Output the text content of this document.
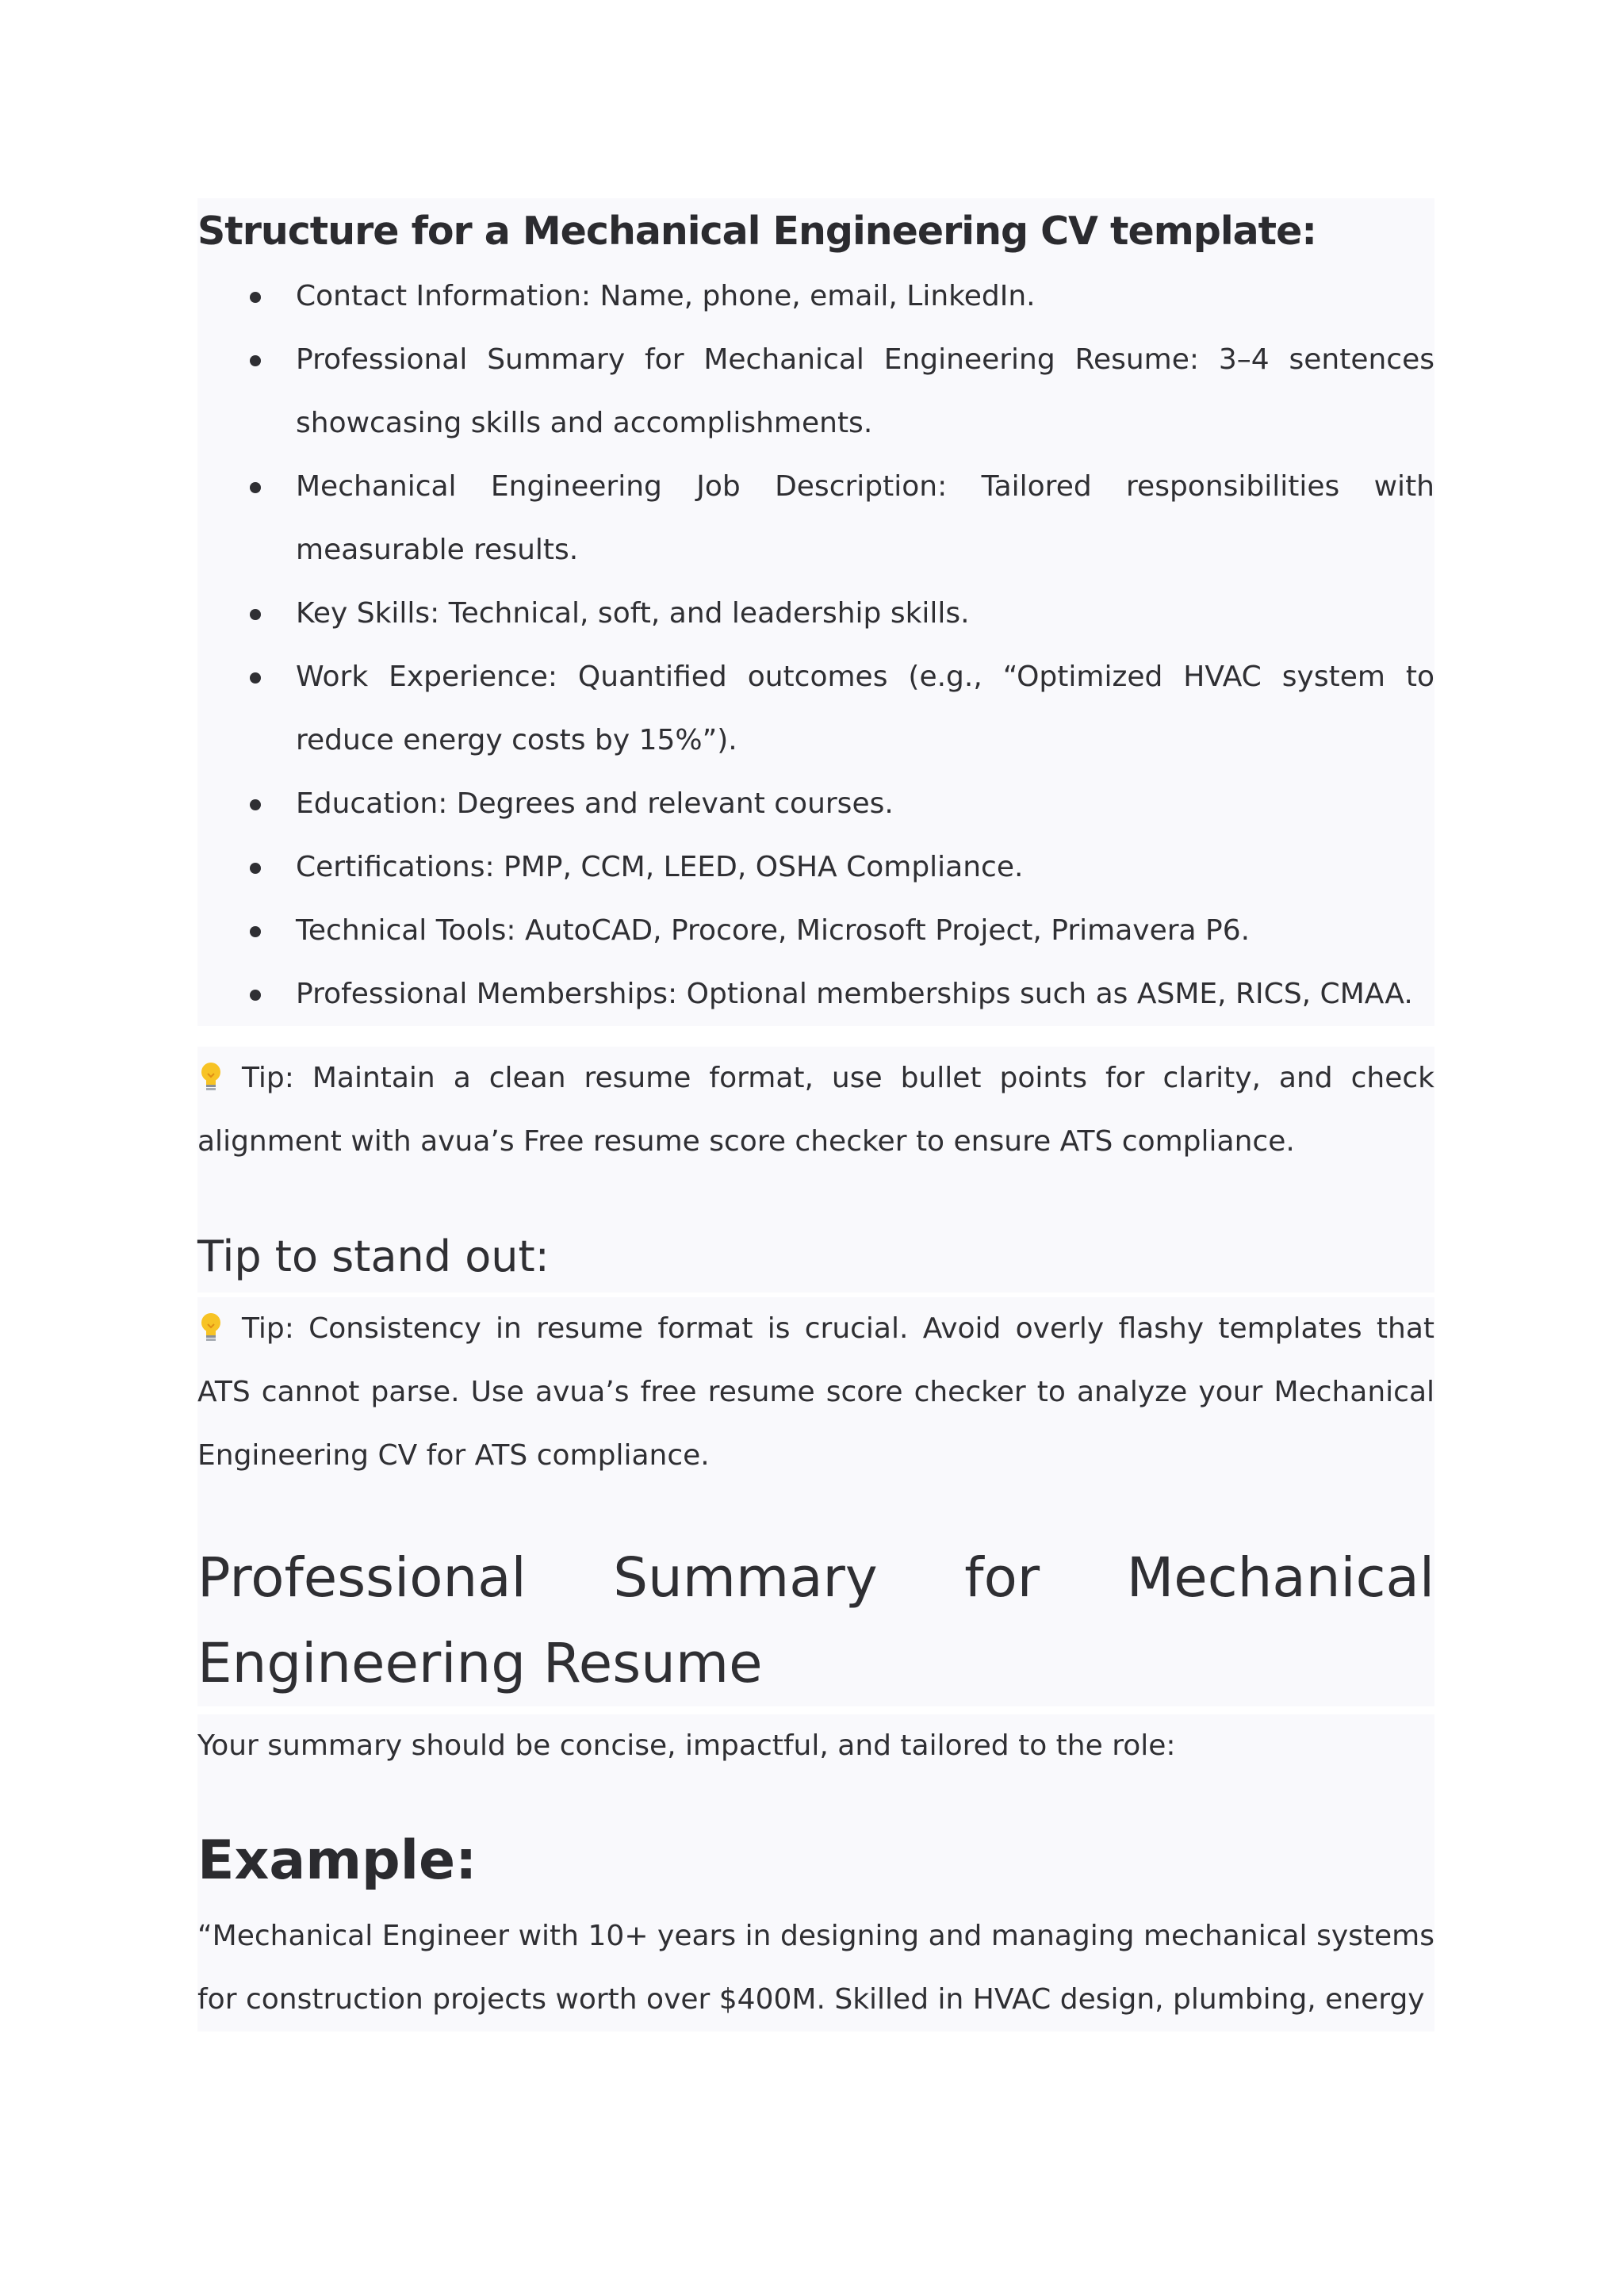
Structure for a Mechanical Engineering CV template:
Contact Information: Name, phone, email, LinkedIn.
Professional Summary for Mechanical Engineering Resume: 3–4 sentences showcasing skills and accomplishments.
Mechanical Engineering Job Description: Tailored responsibilities with measurable results.
Key Skills: Technical, soft, and leadership skills.
Work Experience: Quantified outcomes (e.g., “Optimized HVAC system to reduce energy costs by 15%”).
Education: Degrees and relevant courses.
Certifications: PMP, CCM, LEED, OSHA Compliance.
Technical Tools: AutoCAD, Procore, Microsoft Project, Primavera P6.
Professional Memberships: Optional memberships such as ASME, RICS, CMAA.

Tip: Maintain a clean resume format, use bullet points for clarity, and check alignment with avua’s Free resume score checker to ensure ATS compliance.

Tip to stand out:

Tip: Consistency in resume format is crucial. Avoid overly flashy templates that ATS cannot parse. Use avua’s free resume score checker to analyze your Mechanical Engineering CV for ATS compliance.

Professional Summary for Mechanical Engineering Resume

Your summary should be concise, impactful, and tailored to the role:

Example:

“Mechanical Engineer with 10+ years in designing and managing mechanical systems for construction projects worth over $400M. Skilled in HVAC design, plumbing, energy
